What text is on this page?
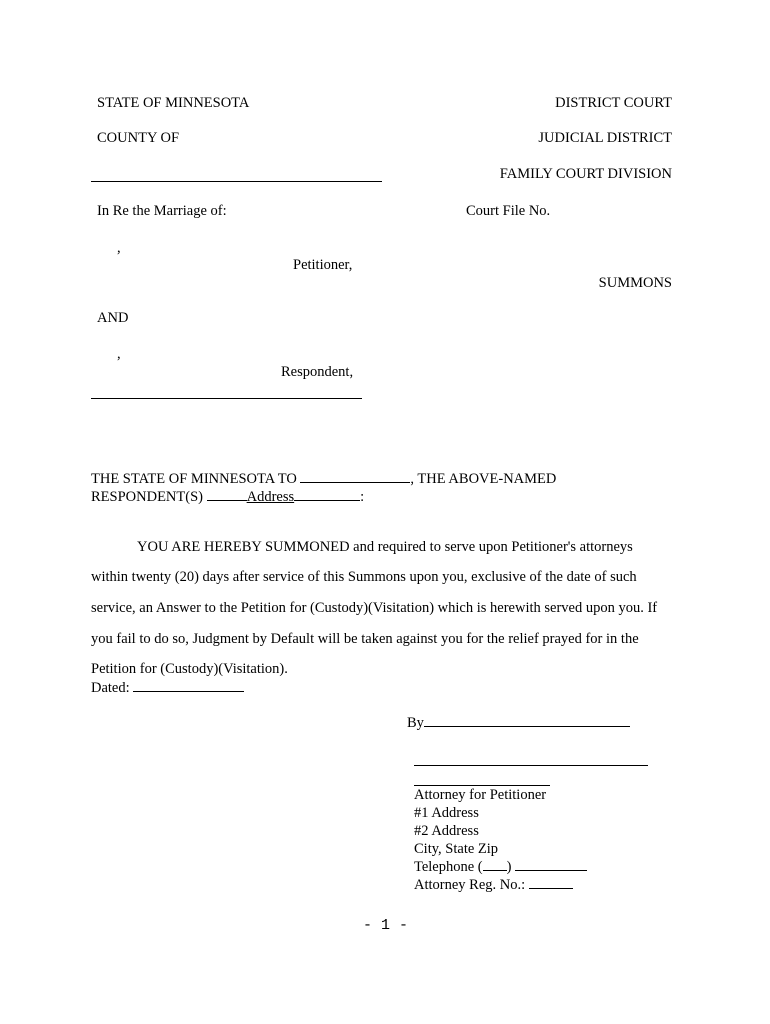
STATE OF MINNESOTA
COUNTY OF
DISTRICT COURT
JUDICIAL DISTRICT
FAMILY COURT DIVISION
In Re the Marriage of:	Court File No.
,
Petitioner,
SUMMONS
AND
,
Respondent,
THE STATE OF MINNESOTA TO	, THE ABOVE-NAMED
RESPONDENT(S)	Address	:
YOU ARE HEREBY SUMMONED and required to serve upon Petitioner's attorneys
within twenty (20) days after service of this Summons upon you, exclusive of the date of such
service, an Answer to the Petition for (Custody)(Visitation) which is herewith served upon you. If
you fail to do so, Judgment by Default will be taken against you for the relief prayed for in the
Petition for (Custody)(Visitation).
Dated:
By
Attorney for Petitioner
#1 Address
#2 Address
City, State Zip
Telephone ( )
Attorney Reg. No.:
- 1 -
